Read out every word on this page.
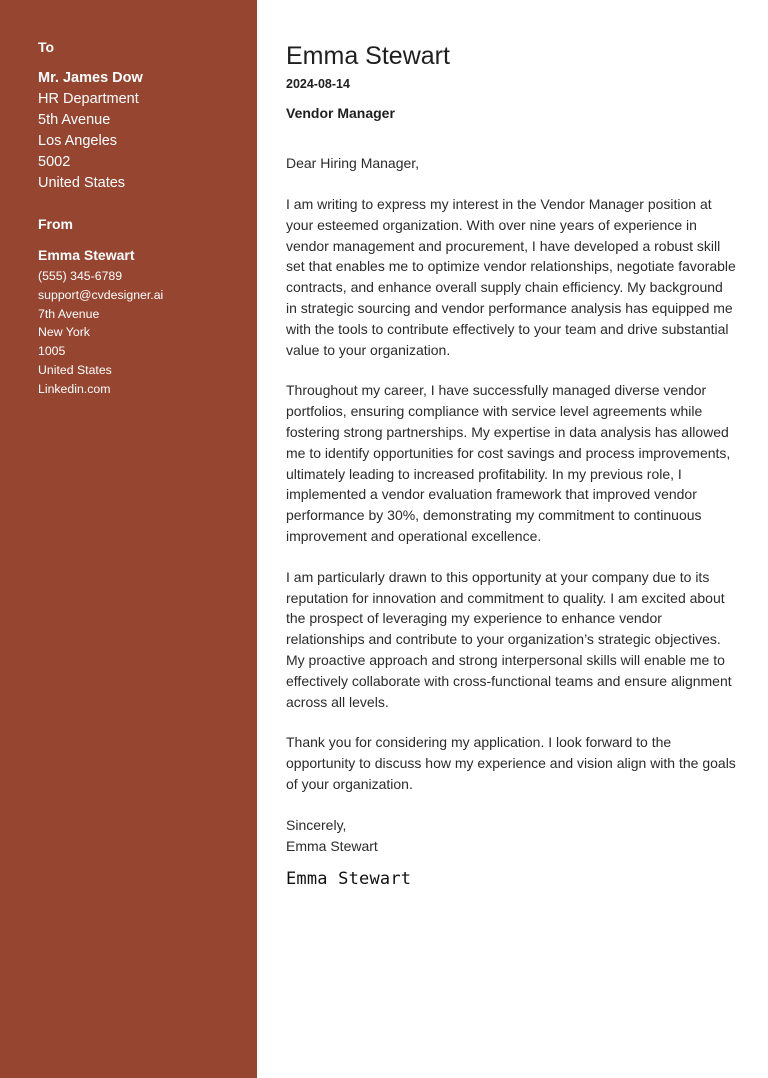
To
Mr. James Dow
HR Department
5th Avenue
Los Angeles
5002
United States
From
Emma Stewart
(555) 345-6789
support@cvdesigner.ai
7th Avenue
New York
1005
United States
Linkedin.com
Emma Stewart
2024-08-14
Vendor Manager
Dear Hiring Manager,
I am writing to express my interest in the Vendor Manager position at your esteemed organization. With over nine years of experience in vendor management and procurement, I have developed a robust skill set that enables me to optimize vendor relationships, negotiate favorable contracts, and enhance overall supply chain efficiency. My background in strategic sourcing and vendor performance analysis has equipped me with the tools to contribute effectively to your team and drive substantial value to your organization.
Throughout my career, I have successfully managed diverse vendor portfolios, ensuring compliance with service level agreements while fostering strong partnerships. My expertise in data analysis has allowed me to identify opportunities for cost savings and process improvements, ultimately leading to increased profitability. In my previous role, I implemented a vendor evaluation framework that improved vendor performance by 30%, demonstrating my commitment to continuous improvement and operational excellence.
I am particularly drawn to this opportunity at your company due to its reputation for innovation and commitment to quality. I am excited about the prospect of leveraging my experience to enhance vendor relationships and contribute to your organization’s strategic objectives. My proactive approach and strong interpersonal skills will enable me to effectively collaborate with cross-functional teams and ensure alignment across all levels.
Thank you for considering my application. I look forward to the opportunity to discuss how my experience and vision align with the goals of your organization.
Sincerely,
Emma Stewart
Emma Stewart
